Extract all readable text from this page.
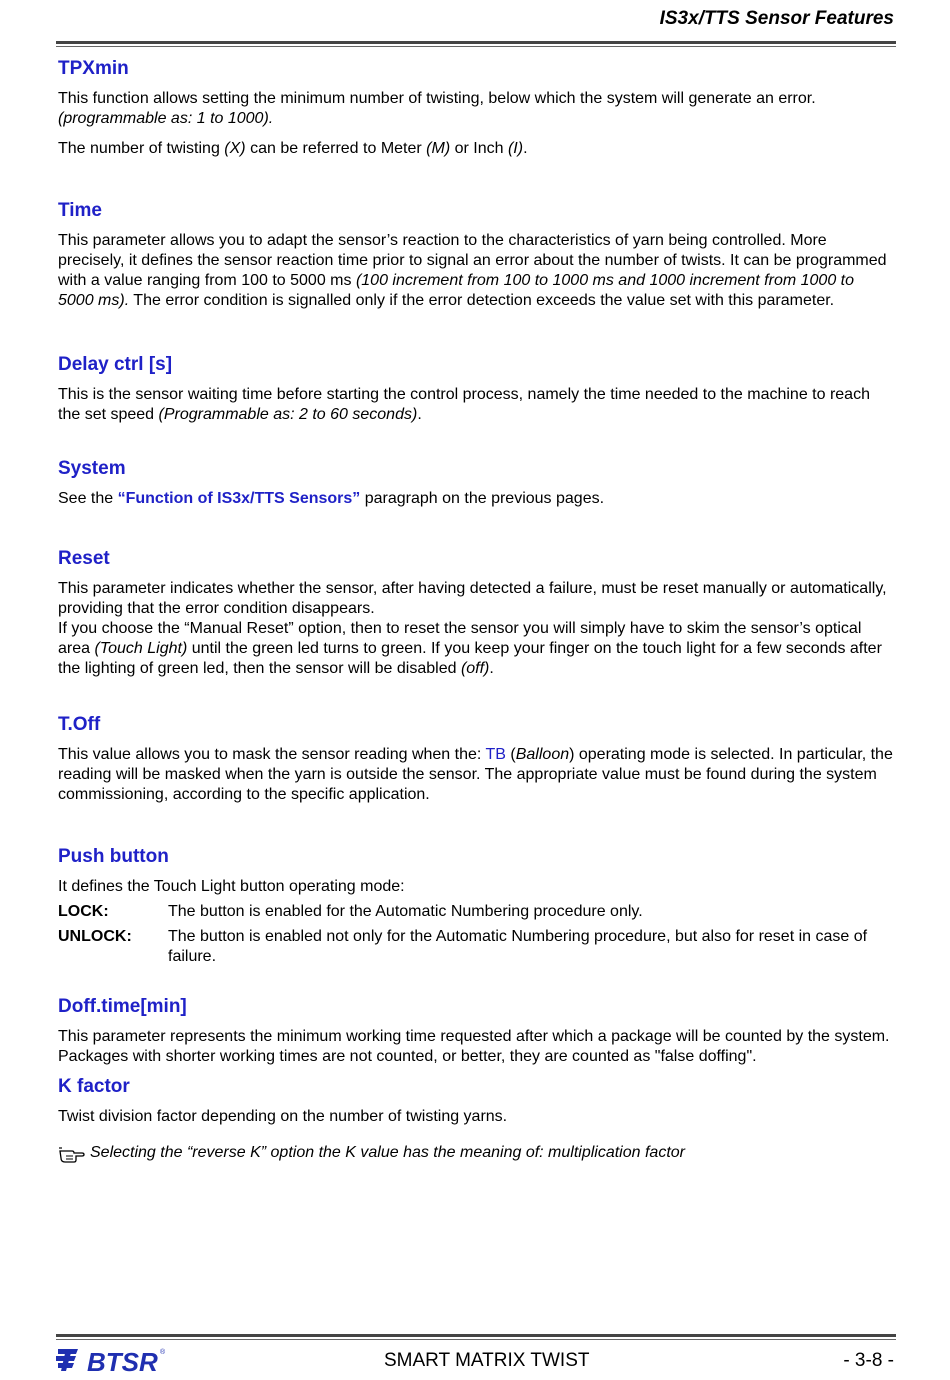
IS3x/TTS Sensor Features
TPXmin

This function allows setting the minimum number of twisting, below which the system will generate an error.
(programmable as: 1 to 1000).

The number of twisting (X) can be referred to Meter (M) or Inch (I).

Time

This parameter allows you to adapt the sensor’s reaction to the characteristics of yarn being controlled. More precisely, it defines the sensor reaction time prior to signal an error about the number of twists. It can be programmed with a value ranging from 100 to 5000 ms (100 increment from 100 to 1000 ms and 1000 increment from 1000 to 5000 ms). The error condition is signalled only if the error detection exceeds the value set with this parameter.

Delay ctrl [s]

This is the sensor waiting time before starting the control process, namely the time needed to the machine to reach the set speed (Programmable as: 2 to 60 seconds).

System

See the “Function of IS3x/TTS Sensors” paragraph on the previous pages.

Reset

This parameter indicates whether the sensor, after having detected a failure, must be reset manually or automatically, providing that the error condition disappears.

If you choose the “Manual Reset” option, then to reset the sensor you will simply have to skim the sensor’s optical area (Touch Light) until the green led turns to green. If you keep your finger on the touch light for a few seconds after the lighting of green led, then the sensor will be disabled (off).

T.Off

This value allows you to mask the sensor reading when the: TB (Balloon) operating mode is selected. In particular, the reading will be masked when the yarn is outside the sensor. The appropriate value must be found during the system commissioning, according to the specific application.

Push button

It defines the Touch Light button operating mode:

LOCK:	The button is enabled for the Automatic Numbering procedure only.
UNLOCK:	The button is enabled not only for the Automatic Numbering procedure, but also for reset in case of failure.
Doff.time[min]

This parameter represents the minimum working time requested after which a package will be counted by the system. Packages with shorter working times are not counted, or better, they are counted as "false doffing".

K factor

Twist division factor depending on the number of twisting yarns.

Selecting the “reverse K” option the K value has the meaning of: multiplication factor
BTSR ®	SMART MATRIX TWIST	- 3-8 -
